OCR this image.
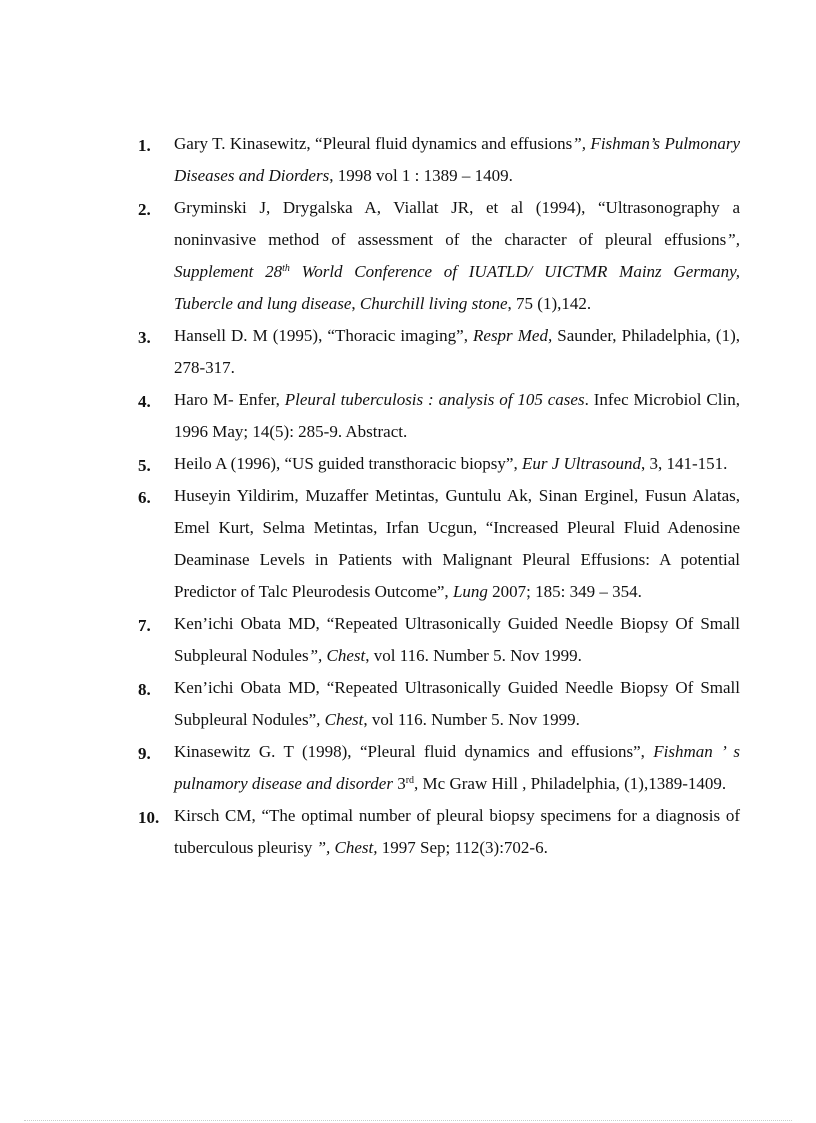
1. Gary T. Kinasewitz, “Pleural fluid dynamics and effusions”, Fishman’s Pulmonary Diseases and Diorders, 1998 vol 1 : 1389 – 1409.
2. Gryminski J, Drygalska A, Viallat JR, et al (1994), “Ultrasonography a noninvasive method of assessment of the character of pleural effusions”, Supplement 28th World Conference of IUATLD/ UICTMR Mainz Germany, Tubercle and lung disease, Churchill living stone, 75 (1),142.
3. Hansell D. M (1995), “Thoracic imaging”, Respr Med, Saunder, Philadelphia, (1), 278-317.
4. Haro M- Enfer, Pleural tuberculosis : analysis of 105 cases. Infec Microbiol Clin, 1996 May; 14(5): 285-9. Abstract.
5. Heilo A (1996), “US guided transthoracic biopsy”, Eur J Ultrasound, 3, 141-151.
6. Huseyin Yildirim, Muzaffer Metintas, Guntulu Ak, Sinan Erginel, Fusun Alatas, Emel Kurt, Selma Metintas, Irfan Ucgun, “Increased Pleural Fluid Adenosine Deaminase Levels in Patients with Malignant Pleural Effusions: A potential Predictor of Talc Pleurodesis Outcome”, Lung 2007; 185: 349 – 354.
7. Ken’ichi Obata MD, “Repeated Ultrasonically Guided Needle Biopsy Of Small Subpleural Nodules”, Chest, vol 116. Number 5. Nov 1999.
8. Ken’ichi Obata MD, “Repeated Ultrasonically Guided Needle Biopsy Of Small Subpleural Nodules”, Chest, vol 116. Number 5. Nov 1999.
9. Kinasewitz G. T (1998), “Pleural fluid dynamics and effusions”, Fishman ’ s pulnamory disease and disorder 3rd, Mc Graw Hill , Philadelphia, (1),1389-1409.
10. Kirsch CM, “The optimal number of pleural biopsy specimens for a diagnosis of tuberculous pleurisy ”, Chest, 1997 Sep; 112(3):702-6.
